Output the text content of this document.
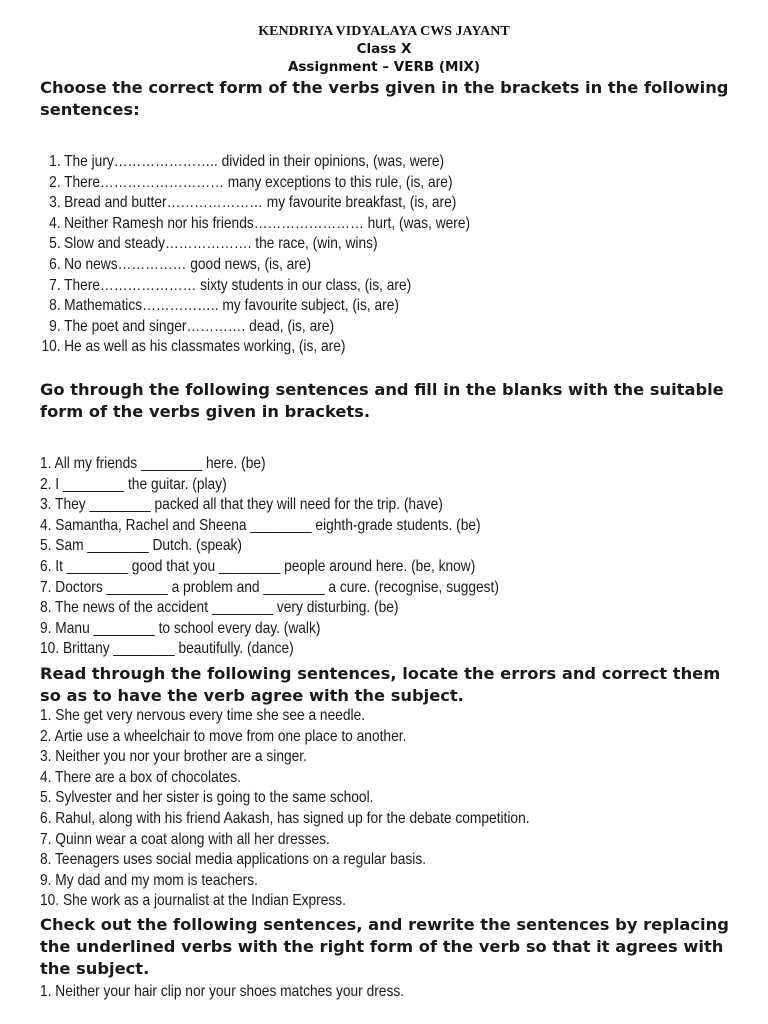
KENDRIYA VIDYALAYA CWS JAYANT
Class X
Assignment – VERB (MIX)

Choose the correct form of the verbs given in the brackets in the following sentences:

1. The jury………………….. divided in their opinions, (was, were)
2. There……………………… many exceptions to this rule, (is, are)
3. Bread and butter………………… my favourite breakfast, (is, are)
4. Neither Ramesh nor his friends…………………… hurt, (was, were)
5. Slow and steady………………. the race, (win, wins)
6. No news…………… good news, (is, are)
7. There………………… sixty students in our class, (is, are)
8. Mathematics…………….. my favourite subject, (is, are)
9. The poet and singer…………. dead, (is, are)
10. He as well as his classmates working, (is, are)

Go through the following sentences and fill in the blanks with the suitable form of the verbs given in brackets.

1. All my friends ________ here. (be)
2. I ________ the guitar. (play)
3. They ________ packed all that they will need for the trip. (have)
4. Samantha, Rachel and Sheena ________ eighth-grade students. (be)
5. Sam ________ Dutch. (speak)
6. It ________ good that you ________ people around here. (be, know)
7. Doctors ________ a problem and ________ a cure. (recognise, suggest)
8. The news of the accident ________ very disturbing. (be)
9. Manu ________ to school every day. (walk)
10. Brittany ________ beautifully. (dance)

Read through the following sentences, locate the errors and correct them so as to have the verb agree with the subject.

1. She get very nervous every time she see a needle.
2. Artie use a wheelchair to move from one place to another.
3. Neither you nor your brother are a singer.
4. There are a box of chocolates.
5. Sylvester and her sister is going to the same school.
6. Rahul, along with his friend Aakash, has signed up for the debate competition.
7. Quinn wear a coat along with all her dresses.
8. Teenagers uses social media applications on a regular basis.
9. My dad and my mom is teachers.
10. She work as a journalist at the Indian Express.

Check out the following sentences, and rewrite the sentences by replacing the underlined verbs with the right form of the verb so that it agrees with the subject.

1. Neither your hair clip nor your shoes matches your dress.
